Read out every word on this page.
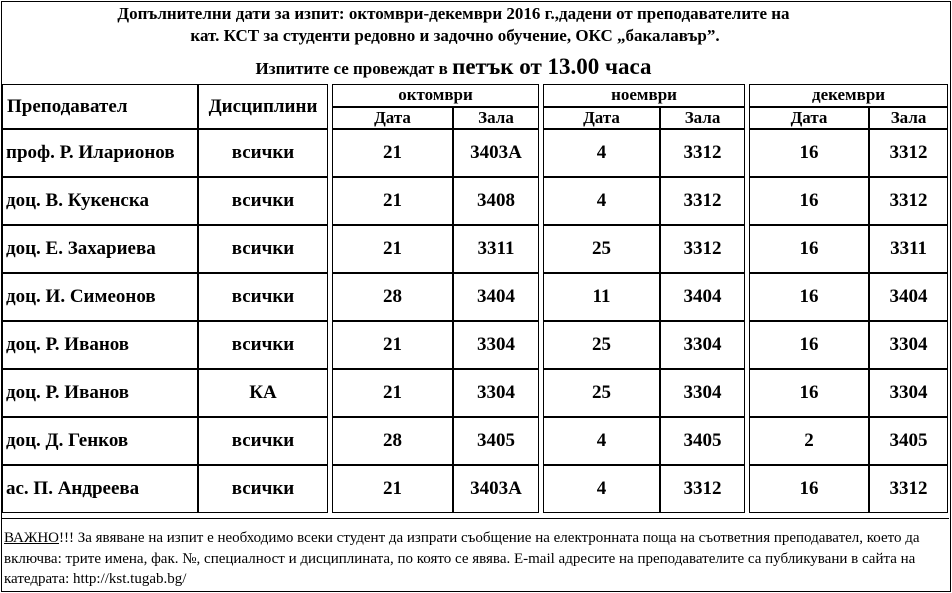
Допълнителни дати за изпит: октомври-декември 2016 г.,дадени от преподавателите на
кат. КСТ за студенти редовно и задочно обучение, ОКС „бакалавър”.
Изпитите се провеждат в петък от 13.00 часа
Преподавател	Дисциплини		октомври			ноември			декември	
			Дата	Зала		Дата	Зала		Дата	Зала
проф. Р. Иларионов	всички		21	3403А		4	3312		16	3312
доц. В. Кукенска	всички		21	3408		4	3312		16	3312
доц. Е. Захариева	всички		21	3311		25	3312		16	3311
доц. И. Симеонов	всички		28	3404		11	3404		16	3404
доц. Р. Иванов	всички		21	3304		25	3304		16	3304
доц. Р. Иванов	КА		21	3304		25	3304		16	3304
доц. Д. Генков	всички		28	3405		4	3405		2	3405
ас. П. Андреева	всички		21	3403А		4	3312		16	3312
ВАЖНО!!! За явяване на изпит е необходимо всеки студент да изпрати съобщение на електронната поща на съответния преподавател, което да включва: трите имена, фак. №, специалност и дисциплината, по която се явява. E-mail адресите на преподавателите са публикувани в сайта на катедрата: http://kst.tugab.bg/
